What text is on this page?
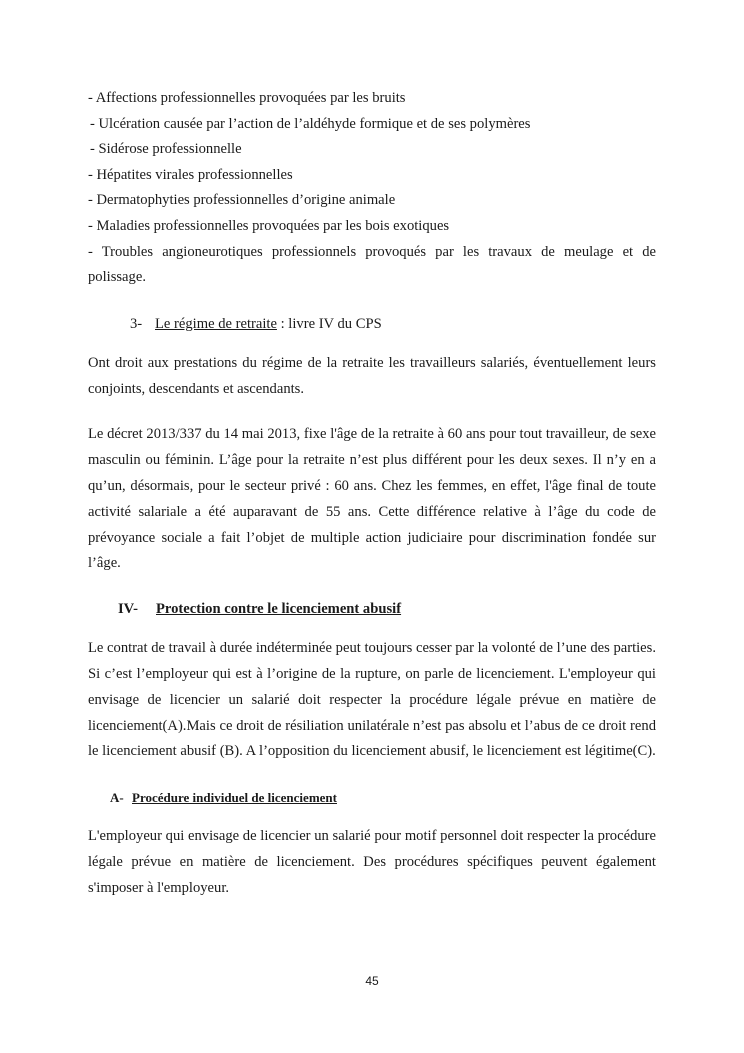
- Affections professionnelles provoquées par les bruits

- Ulcération causée par l’action de l’aldéhyde formique et de ses polymères

- Sidérose professionnelle

- Hépatites virales professionnelles

- Dermatophyties professionnelles d’origine animale

- Maladies professionnelles provoquées par les bois exotiques

- Troubles angioneurotiques professionnels provoqués par les travaux de meulage et de polissage.

3- Le régime de retraite : livre IV du CPS

Ont droit aux prestations du régime de la retraite les travailleurs salariés, éventuellement leurs conjoints, descendants et ascendants.

Le décret 2013/337 du 14 mai 2013, fixe l'âge de la retraite à 60 ans pour tout travailleur, de sexe masculin ou féminin. L’âge pour la retraite n’est plus différent pour les deux sexes. Il n’y en a qu’un, désormais, pour le secteur privé : 60 ans. Chez les femmes, en effet, l'âge final de toute activité salariale a été auparavant de 55 ans. Cette différence relative à l’âge du code de prévoyance sociale a fait l’objet de multiple action judiciaire pour discrimination fondée sur l’âge.

IV- Protection contre le licenciement abusif

Le contrat de travail à durée indéterminée peut toujours cesser par la volonté de l’une des parties. Si c’est l’employeur qui est à l’origine de la rupture, on parle de licenciement. L'employeur qui envisage de licencier un salarié doit respecter la procédure légale prévue en matière de licenciement(A).Mais ce droit de résiliation unilatérale n’est pas absolu et l’abus de ce droit rend le licenciement abusif (B). A l’opposition du licenciement abusif, le licenciement est légitime(C).

A- Procédure individuel de licenciement

L'employeur qui envisage de licencier un salarié pour motif personnel doit respecter la procédure légale prévue en matière de licenciement. Des procédures spécifiques peuvent également s'imposer à l'employeur.

45
